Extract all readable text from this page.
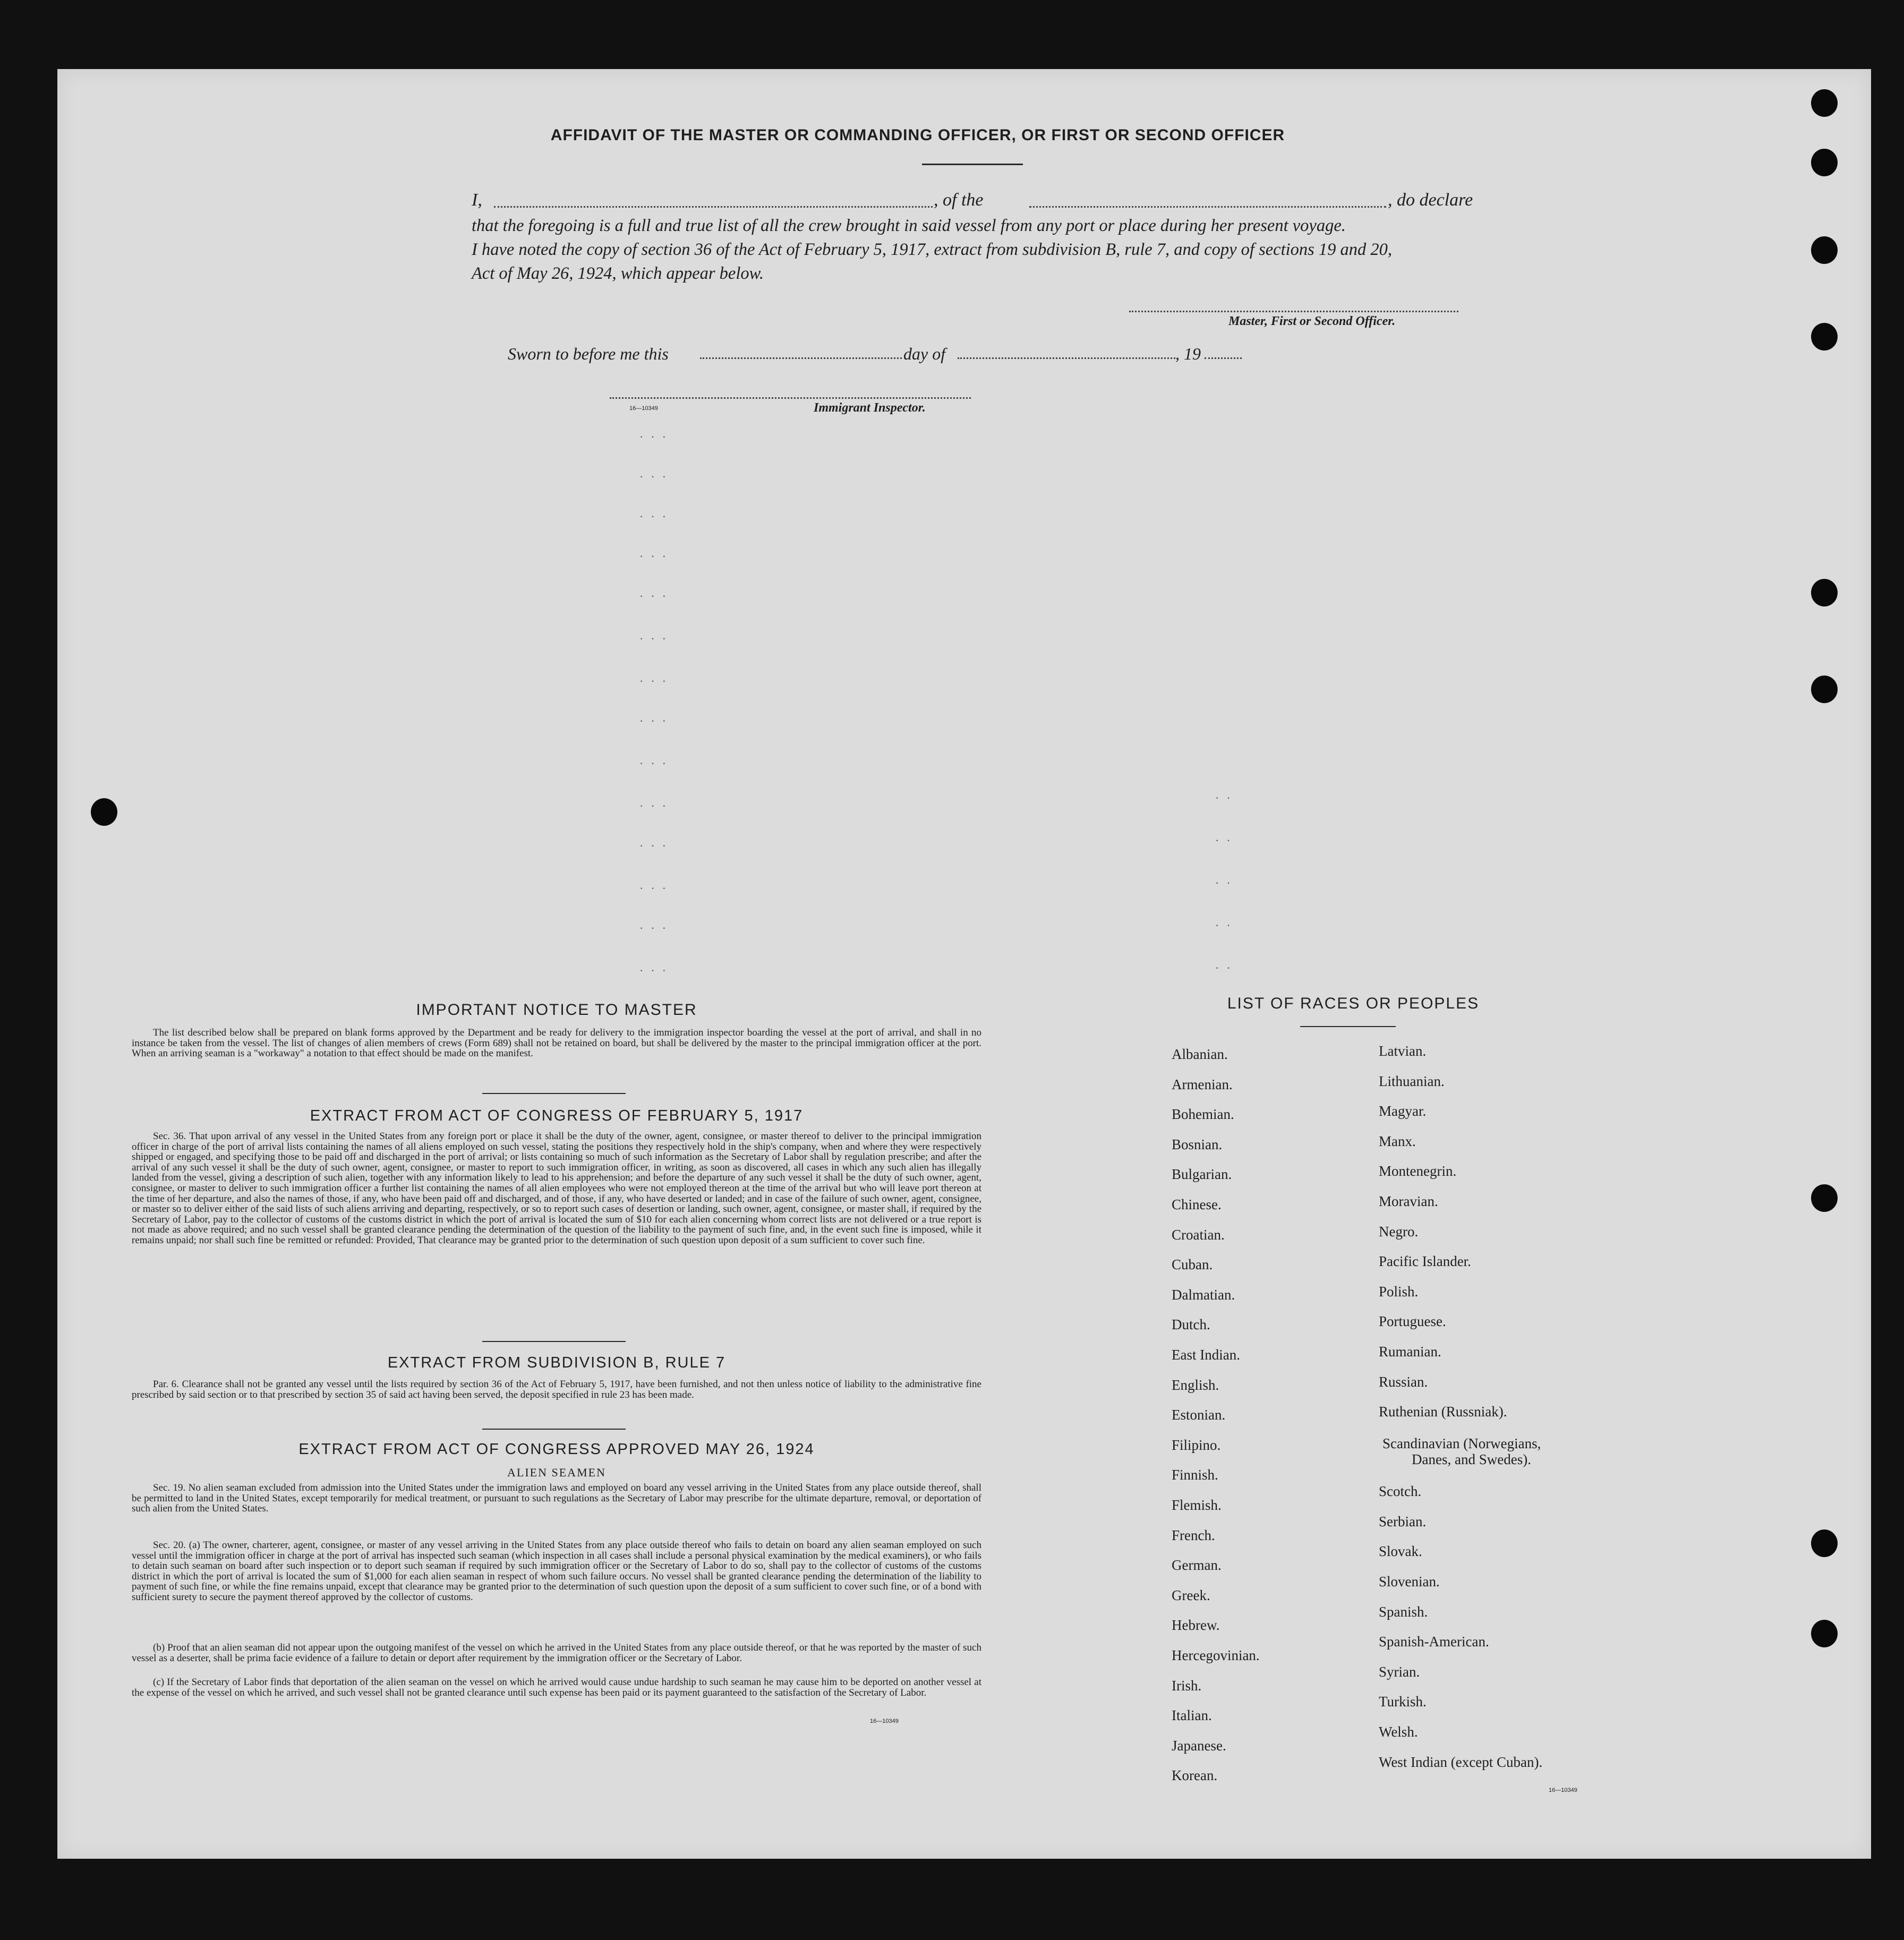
AFFIDAVIT OF THE MASTER OR COMMANDING OFFICER, OR FIRST OR SECOND OFFICER
I,	, of the	, do declare
that the foregoing is a full and true list of all the crew brought in said vessel from any port or place during her present voyage.
I have noted the copy of section 36 of the Act of February 5, 1917, extract from subdivision B, rule 7, and copy of sections 19 and 20,
Act of May 26, 1924, which appear below.
Master, First or Second Officer.
Sworn to before me this	day of	, 19
16—10349	Immigrant Inspector.
···
···
···
···
···
···
···
···
···
···
···
···
···
···
··
··
··
··
··
IMPORTANT NOTICE TO MASTER
The list described below shall be prepared on blank forms approved by the Department and be ready for delivery to the immigration inspector boarding the vessel at the port of arrival, and shall in no instance be taken from the vessel. The list of changes of alien members of crews (Form 689) shall not be retained on board, but shall be delivered by the master to the principal immigration officer at the port. When an arriving seaman is a "workaway" a notation to that effect should be made on the manifest.
EXTRACT FROM ACT OF CONGRESS OF FEBRUARY 5, 1917
Sec. 36. That upon arrival of any vessel in the United States from any foreign port or place it shall be the duty of the owner, agent, consignee, or master thereof to deliver to the principal immigration officer in charge of the port of arrival lists containing the names of all aliens employed on such vessel, stating the positions they respectively hold in the ship's company, when and where they were respectively shipped or engaged, and specifying those to be paid off and discharged in the port of arrival; or lists containing so much of such information as the Secretary of Labor shall by regulation prescribe; and after the arrival of any such vessel it shall be the duty of such owner, agent, consignee, or master to report to such immigration officer, in writing, as soon as discovered, all cases in which any such alien has illegally landed from the vessel, giving a description of such alien, together with any information likely to lead to his apprehension; and before the departure of any such vessel it shall be the duty of such owner, agent, consignee, or master to deliver to such immigration officer a further list containing the names of all alien employees who were not employed thereon at the time of the arrival but who will leave port thereon at the time of her departure, and also the names of those, if any, who have been paid off and discharged, and of those, if any, who have deserted or landed; and in case of the failure of such owner, agent, consignee, or master so to deliver either of the said lists of such aliens arriving and departing, respectively, or so to report such cases of desertion or landing, such owner, agent, consignee, or master shall, if required by the Secretary of Labor, pay to the collector of customs of the customs district in which the port of arrival is located the sum of $10 for each alien concerning whom correct lists are not delivered or a true report is not made as above required; and no such vessel shall be granted clearance pending the determination of the question of the liability to the payment of such fine, and, in the event such fine is imposed, while it remains unpaid; nor shall such fine be remitted or refunded: Provided, That clearance may be granted prior to the determination of such question upon deposit of a sum sufficient to cover such fine.
EXTRACT FROM SUBDIVISION B, RULE 7
Par. 6. Clearance shall not be granted any vessel until the lists required by section 36 of the Act of February 5, 1917, have been furnished, and not then unless notice of liability to the administrative fine prescribed by said section or to that prescribed by section 35 of said act having been served, the deposit specified in rule 23 has been made.
EXTRACT FROM ACT OF CONGRESS APPROVED MAY 26, 1924
ALIEN SEAMEN
Sec. 19. No alien seaman excluded from admission into the United States under the immigration laws and employed on board any vessel arriving in the United States from any place outside thereof, shall be permitted to land in the United States, except temporarily for medical treatment, or pursuant to such regulations as the Secretary of Labor may prescribe for the ultimate departure, removal, or deportation of such alien from the United States.
Sec. 20. (a) The owner, charterer, agent, consignee, or master of any vessel arriving in the United States from any place outside thereof who fails to detain on board any alien seaman employed on such vessel until the immigration officer in charge at the port of arrival has inspected such seaman (which inspection in all cases shall include a personal physical examination by the medical examiners), or who fails to detain such seaman on board after such inspection or to deport such seaman if required by such immigration officer or the Secretary of Labor to do so, shall pay to the collector of customs of the customs district in which the port of arrival is located the sum of $1,000 for each alien seaman in respect of whom such failure occurs. No vessel shall be granted clearance pending the determination of the liability to payment of such fine, or while the fine remains unpaid, except that clearance may be granted prior to the determination of such question upon the deposit of a sum sufficient to cover such fine, or of a bond with sufficient surety to secure the payment thereof approved by the collector of customs.
(b) Proof that an alien seaman did not appear upon the outgoing manifest of the vessel on which he arrived in the United States from any place outside thereof, or that he was reported by the master of such vessel as a deserter, shall be prima facie evidence of a failure to detain or deport after requirement by the immigration officer or the Secretary of Labor.
(c) If the Secretary of Labor finds that deportation of the alien seaman on the vessel on which he arrived would cause undue hardship to such seaman he may cause him to be deported on another vessel at the expense of the vessel on which he arrived, and such vessel shall not be granted clearance until such expense has been paid or its payment guaranteed to the satisfaction of the Secretary of Labor.
16—10349
LIST OF RACES OR PEOPLES
16—10349
Albanian.
Armenian.
Bohemian.
Bosnian.
Bulgarian.
Chinese.
Croatian.
Cuban.
Dalmatian.
Dutch.
East Indian.
English.
Estonian.
Filipino.
Finnish.
Flemish.
French.
German.
Greek.
Hebrew.
Hercegovinian.
Irish.
Italian.
Japanese.
Korean.
Latvian.
Lithuanian.
Magyar.
Manx.
Montenegrin.
Moravian.
Negro.
Pacific Islander.
Polish.
Portuguese.
Rumanian.
Russian.
Ruthenian (Russniak).
Scandinavian (Norwegians,
Danes, and Swedes).
Scotch.
Serbian.
Slovak.
Slovenian.
Spanish.
Spanish-American.
Syrian.
Turkish.
Welsh.
West Indian (except Cuban).
